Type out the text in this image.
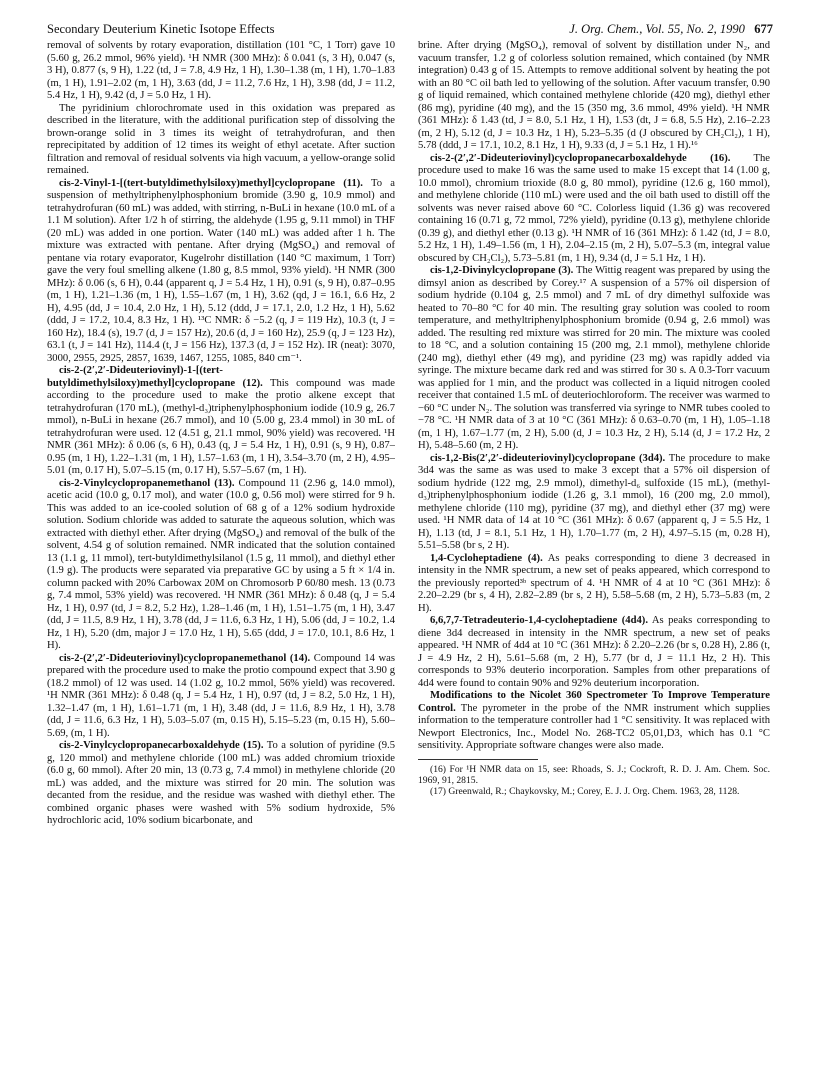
Secondary Deuterium Kinetic Isotope Effects	J. Org. Chem., Vol. 55, No. 2, 1990 677

removal of solvents by rotary evaporation, distillation (101 °C, 1 Torr) gave 10 (5.60 g, 26.2 mmol, 96% yield). ¹H NMR (300 MHz): δ 0.041 (s, 3 H), 0.047 (s, 3 H), 0.877 (s, 9 H), 1.22 (td, J = 7.8, 4.9 Hz, 1 H), 1.30–1.38 (m, 1 H), 1.70–1.83 (m, 1 H), 1.91–2.02 (m, 1 H), 3.63 (dd, J = 11.2, 7.6 Hz, 1 H), 3.98 (dd, J = 11.2, 5.4 Hz, 1 H), 9.42 (d, J = 5.0 Hz, 1 H).

The pyridinium chlorochromate used in this oxidation was prepared as described in the literature, with the additional purification step of dissolving the brown-orange solid in 3 times its weight of tetrahydrofuran, and then reprecipitated by addition of 12 times its weight of ethyl acetate. After suction filtration and removal of residual solvents via high vacuum, a yellow-orange solid remained.

cis-2-Vinyl-1-[(tert-butyldimethylsiloxy)methyl]cyclopropane (11). To a suspension of methyltriphenylphosphonium bromide (3.90 g, 10.9 mmol) and tetrahydrofuran (60 mL) was added, with stirring, n-BuLi in hexane (10.0 mL of a 1.1 M solution). After 1/2 h of stirring, the aldehyde (1.95 g, 9.11 mmol) in THF (20 mL) was added in one portion. Water (140 mL) was added after 1 h. The mixture was extracted with pentane. After drying (MgSO₄) and removal of pentane via rotary evaporator, Kugelrohr distillation (140 °C maximum, 1 Torr) gave the very foul smelling alkene (1.80 g, 8.5 mmol, 93% yield). ¹H NMR (300 MHz): δ 0.06 (s, 6 H), 0.44 (apparent q, J = 5.4 Hz, 1 H), 0.91 (s, 9 H), 0.87–0.95 (m, 1 H), 1.21–1.36 (m, 1 H), 1.55–1.67 (m, 1 H), 3.62 (qd, J = 16.1, 6.6 Hz, 2 H), 4.95 (dd, J = 10.4, 2.0 Hz, 1 H), 5.12 (ddd, J = 17.1, 2.0, 1.2 Hz, 1 H), 5.62 (ddd, J = 17.2, 10.4, 8.3 Hz, 1 H). ¹³C NMR: δ −5.2 (q, J = 119 Hz), 10.3 (t, J = 160 Hz), 18.4 (s), 19.7 (d, J = 157 Hz), 20.6 (d, J = 160 Hz), 25.9 (q, J = 123 Hz), 63.1 (t, J = 141 Hz), 114.4 (t, J = 156 Hz), 137.3 (d, J = 152 Hz). IR (neat): 3070, 3000, 2955, 2925, 2857, 1639, 1467, 1255, 1085, 840 cm⁻¹.

cis-2-(2′,2′-Dideuteriovinyl)-1-[(tert-butyldimethylsiloxy)methyl]cyclopropane (12). This compound was made according to the procedure used to make the protio alkene except that tetrahydrofuran (170 mL), (methyl-d₃)triphenylphosphonium iodide (10.9 g, 26.7 mmol), n-BuLi in hexane (26.7 mmol), and 10 (5.00 g, 23.4 mmol) in 30 mL of tetrahydrofuran were used. 12 (4.51 g, 21.1 mmol, 90% yield) was recovered. ¹H NMR (361 MHz): δ 0.06 (s, 6 H), 0.43 (q, J = 5.4 Hz, 1 H), 0.91 (s, 9 H), 0.87–0.95 (m, 1 H), 1.22–1.31 (m, 1 H), 1.57–1.63 (m, 1 H), 3.54–3.70 (m, 2 H), 4.95–5.01 (m, 0.17 H), 5.07–5.15 (m, 0.17 H), 5.57–5.67 (m, 1 H).

cis-2-Vinylcyclopropanemethanol (13). Compound 11 (2.96 g, 14.0 mmol), acetic acid (10.0 g, 0.17 mol), and water (10.0 g, 0.56 mol) were stirred for 9 h. This was added to an ice-cooled solution of 68 g of a 12% sodium hydroxide solution. Sodium chloride was added to saturate the aqueous solution, which was extracted with diethyl ether. After drying (MgSO₄) and removal of the bulk of the solvent, 4.54 g of solution remained. NMR indicated that the solution contained 13 (1.1 g, 11 mmol), tert-butyldimethylsilanol (1.5 g, 11 mmol), and diethyl ether (1.9 g). The products were separated via preparative GC by using a 5 ft × 1/4 in. column packed with 20% Carbowax 20M on Chromosorb P 60/80 mesh. 13 (0.73 g, 7.4 mmol, 53% yield) was recovered. ¹H NMR (361 MHz): δ 0.48 (q, J = 5.4 Hz, 1 H), 0.97 (td, J = 8.2, 5.2 Hz), 1.28–1.46 (m, 1 H), 1.51–1.75 (m, 1 H), 3.47 (dd, J = 11.5, 8.9 Hz, 1 H), 3.78 (dd, J = 11.6, 6.3 Hz, 1 H), 5.06 (dd, J = 10.2, 1.4 Hz, 1 H), 5.20 (dm, major J = 17.0 Hz, 1 H), 5.65 (ddd, J = 17.0, 10.1, 8.6 Hz, 1 H).

cis-2-(2′,2′-Dideuteriovinyl)cyclopropanemethanol (14). Compound 14 was prepared with the procedure used to make the protio compound expect that 3.90 g (18.2 mmol) of 12 was used. 14 (1.02 g, 10.2 mmol, 56% yield) was recovered. ¹H NMR (361 MHz): δ 0.48 (q, J = 5.4 Hz, 1 H), 0.97 (td, J = 8.2, 5.0 Hz, 1 H), 1.32–1.47 (m, 1 H), 1.61–1.71 (m, 1 H), 3.48 (dd, J = 11.6, 8.9 Hz, 1 H), 3.78 (dd, J = 11.6, 6.3 Hz, 1 H), 5.03–5.07 (m, 0.15 H), 5.15–5.23 (m, 0.15 H), 5.60–5.69, (m, 1 H).

cis-2-Vinylcyclopropanecarboxaldehyde (15). To a solution of pyridine (9.5 g, 120 mmol) and methylene chloride (100 mL) was added chromium trioxide (6.0 g, 60 mmol). After 20 min, 13 (0.73 g, 7.4 mmol) in methylene chloride (20 mL) was added, and the mixture was stirred for 20 min. The solution was decanted from the residue, and the residue was washed with diethyl ether. The combined organic phases were washed with 5% sodium hydroxide, 5% hydrochloric acid, 10% sodium bicarbonate, and

brine. After drying (MgSO₄), removal of solvent by distillation under N₂, and vacuum transfer, 1.2 g of colorless solution remained, which contained (by NMR integration) 0.43 g of 15. Attempts to remove additional solvent by heating the pot with an 80 °C oil bath led to yellowing of the solution. After vacuum transfer, 0.90 g of liquid remained, which contained methylene chloride (420 mg), diethyl ether (86 mg), pyridine (40 mg), and the 15 (350 mg, 3.6 mmol, 49% yield). ¹H NMR (361 MHz): δ 1.43 (td, J = 8.0, 5.1 Hz, 1 H), 1.53 (dt, J = 6.8, 5.5 Hz), 2.16–2.23 (m, 2 H), 5.12 (d, J = 10.3 Hz, 1 H), 5.23–5.35 (d (J obscured by CH₂Cl₂), 1 H), 5.78 (ddd, J = 17.1, 10.2, 8.1 Hz, 1 H), 9.33 (d, J = 5.1 Hz, 1 H).¹⁶

cis-2-(2′,2′-Dideuteriovinyl)cyclopropanecarboxaldehyde (16). The procedure used to make 16 was the same used to make 15 except that 14 (1.00 g, 10.0 mmol), chromium trioxide (8.0 g, 80 mmol), pyridine (12.6 g, 160 mmol), and methylene chloride (110 mL) were used and the oil bath used to distill off the solvents was never raised above 60 °C. Colorless liquid (1.36 g) was recovered containing 16 (0.71 g, 72 mmol, 72% yield), pyridine (0.13 g), methylene chloride (0.39 g), and diethyl ether (0.13 g). ¹H NMR of 16 (361 MHz): δ 1.42 (td, J = 8.0, 5.2 Hz, 1 H), 1.49–1.56 (m, 1 H), 2.04–2.15 (m, 2 H), 5.07–5.3 (m, integral value obscured by CH₂Cl₂), 5.73–5.81 (m, 1 H), 9.34 (d, J = 5.1 Hz, 1 H).

cis-1,2-Divinylcyclopropane (3). The Wittig reagent was prepared by using the dimsyl anion as described by Corey.¹⁷ A suspension of a 57% oil dispersion of sodium hydride (0.104 g, 2.5 mmol) and 7 mL of dry dimethyl sulfoxide was heated to 70–80 °C for 40 min. The resulting gray solution was cooled to room temperature, and methyltriphenylphosphonium bromide (0.94 g, 2.6 mmol) was added. The resulting red mixture was stirred for 20 min. The mixture was cooled to 18 °C, and a solution containing 15 (200 mg, 2.1 mmol), methylene chloride (240 mg), diethyl ether (49 mg), and pyridine (23 mg) was rapidly added via syringe. The mixture became dark red and was stirred for 30 s. A 0.3-Torr vacuum was applied for 1 min, and the product was collected in a liquid nitrogen cooled receiver that contained 1.5 mL of deuteriochloroform. The receiver was warmed to −60 °C under N₂. The solution was transferred via syringe to NMR tubes cooled to −78 °C. ¹H NMR data of 3 at 10 °C (361 MHz): δ 0.63–0.70 (m, 1 H), 1.05–1.18 (m, 1 H), 1.67–1.77 (m, 2 H), 5.00 (d, J = 10.3 Hz, 2 H), 5.14 (d, J = 17.2 Hz, 2 H), 5.48–5.60 (m, 2 H).

cis-1,2-Bis(2′,2′-dideuteriovinyl)cyclopropane (3d4). The procedure to make 3d4 was the same as was used to make 3 except that a 57% oil dispersion of sodium hydride (122 mg, 2.9 mmol), dimethyl-d₆ sulfoxide (15 mL), (methyl-d₃)triphenylphosphonium iodide (1.26 g, 3.1 mmol), 16 (200 mg, 2.0 mmol), methylene chloride (110 mg), pyridine (37 mg), and diethyl ether (37 mg) were used. ¹H NMR data of 14 at 10 °C (361 MHz): δ 0.67 (apparent q, J = 5.5 Hz, 1 H), 1.13 (td, J = 8.1, 5.1 Hz, 1 H), 1.70–1.77 (m, 2 H), 4.97–5.15 (m, 0.28 H), 5.51–5.58 (br s, 2 H).

1,4-Cycloheptadiene (4). As peaks corresponding to diene 3 decreased in intensity in the NMR spectrum, a new set of peaks appeared, which correspond to the previously reported³ᵇ spectrum of 4. ¹H NMR of 4 at 10 °C (361 MHz): δ 2.20–2.29 (br s, 4 H), 2.82–2.89 (br s, 2 H), 5.58–5.68 (m, 2 H), 5.73–5.83 (m, 2 H).

6,6,7,7-Tetradeuterio-1,4-cycloheptadiene (4d4). As peaks corresponding to diene 3d4 decreased in intensity in the NMR spectrum, a new set of peaks appeared. ¹H NMR of 4d4 at 10 °C (361 MHz): δ 2.20–2.26 (br s, 0.28 H), 2.86 (t, J = 4.9 Hz, 2 H), 5.61–5.68 (m, 2 H), 5.77 (br d, J = 11.1 Hz, 2 H). This corresponds to 93% deuterio incorporation. Samples from other preparations of 4d4 were found to contain 90% and 92% deuterium incorporation.

Modifications to the Nicolet 360 Spectrometer To Improve Temperature Control. The pyrometer in the probe of the NMR instrument which supplies information to the temperature controller had 1 °C sensitivity. It was replaced with Newport Electronics, Inc., Model No. 268-TC2 05,01,D3, which has 0.1 °C sensitivity. Appropriate software changes were also made.

(16) For ¹H NMR data on 15, see: Rhoads, S. J.; Cockroft, R. D. J. Am. Chem. Soc. 1969, 91, 2815.

(17) Greenwald, R.; Chaykovsky, M.; Corey, E. J. J. Org. Chem. 1963, 28, 1128.
